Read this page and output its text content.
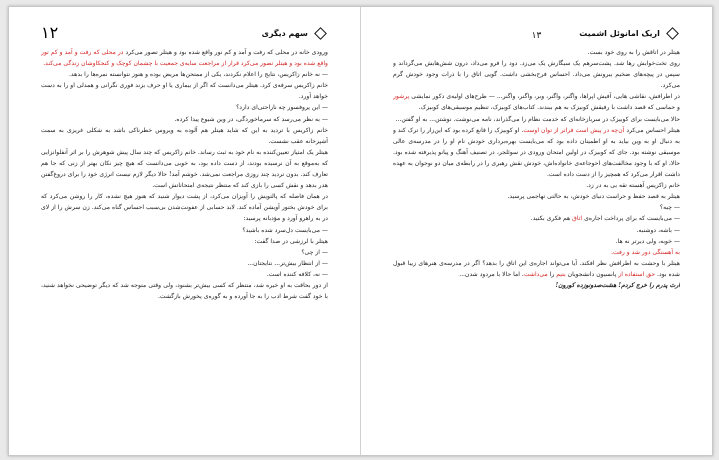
۱۲	سهم دیگری

ورودی خانه در محلی که رفت و آمد و کم نور واقع شده بود و هیتلر تصور می‌کرد در محلی که رفت و آمد و کم نور واقع شده بود و هیتلر تصور می‌کرد قرار از مراجعت سایه‌ی جمعیت با چشمان کوچک و کنجکاوشان زندگی می‌کند.

— نه خانم زاکریس، نتایج را اعلام نکردند، یکی از ممتحن‌ها مریض بوده و هنوز نتوانسته نمره‌ها را بدهد.

خانم زاکریس سرفه‌ی کرد. هیتلر می‌دانست که اگر از بیماری یا او حرف بزند فوری نگرانی و همدلی او را به دست خواهد آورد.

— این پروفسور چه ناراحتی‌ای دارد؟

— به نظر می‌رسد که سرماخوردگی، در وین شیوع پیدا کرده.

خانم زاکریس با تردید به این که شاید هیتلر هم آلوده به ویروس خطرناکی باشد به شکلی غریزی به سمت آشپزخانه عقب نشست.

هیتلر یک امتیاز تعیین‌کننده به نام خود به ثبت رساند. خانم زاکریس که چند سال پیش شوهرش را بر اثر آنفلوانزایی که به‌موقع به آن نرسیده بودند، از دست داده بود، به خوبی می‌دانست که هیچ چیز نکان بهتر از زنی که جا هم تعارف کند. بدون تردید چند روزی مراجعت نمی‌شد. خوشم آمد! حالا دیگر لازم نیست انرژی خود را برای دروغ‌گفتن هدر بدهد و نقش کسی را بازی کند که منتظر نتیجه‌ی امتحاناتش است.

در همان فاصله که پالتویش را آویزان می‌کرد، از پشت دیوار شنید که هنوز هیچ نشده، کار را روشن می‌کرد که برای خودش بختور آویشن آماده کند. لابد حسابی از عفونت‌شدن بی‌سبب احساس گناه می‌کند. زن سرش را از لای در به راهرو آورد و مؤدبانه پرسید:

— می‌بایست دل‌سرد شده باشید؟

هیتلر با لرزشی در صدا گفت:

— از چی؟

— از انتظار بیش‌تر... نتایجتان...

— نه، کلافه کننده است.

از دور بحاقت به او خیره شد، منتظر که کسی بیش‌تر بشنود، ولی وقتی متوجه شد که دیگر توضیحی نخواهد شنید، با خود گفت شرط ادب را به جا آورده و به گوره‌ی پخورش بازگشت.

اریک امانوئل اشمیت
۱۳

هیتلر در اتاقش را به روی خود بست.

روی تخت‌خوابش رها شد. پشت‌سرهم یک سیگارش یک می‌زد. دود را فرو می‌داد، درون شش‌هایش می‌گرداند و سپس در پیچه‌های ضخیم بیرونش می‌داد. احساس فرح‌بخشی داشت. گویی اتاق را با ذرات وجود خودش گرم می‌کرد.

در اطرافش، نقاشی‌ هایی، آفیش اپراها، واگنر، واگنر، وبر، واگنر، واگنر... — طرح‌های اولیه‌ی دکور نمایشی پرشور و حماسی که قصد داشت با رفیقش کوبیزک به هم ببندند. کتاب‌های کوبیزک، تنظیم موسیقی‌های کوبیزک.

حالا می‌بایست برای کوبیزک در سربازخانه‌ای که خدمت نظام را می‌گذراند، نامه می‌نوشت. نوشتن... به او گفتن...

هیتلر احساس می‌کرد آن‌چه در پیش است فراتر از توان اوست. او کوبیزک را قانع کرده بود که این‌زار را ترک کند و به دنبال او به وین بیاید به او اطمینان داده بود که می‌بایست بهره‌برداری خودش نام او را در مدرسه‌ی عالی موسیقی نوشته بود. جای که کوبیزک در اولین امتحان ورودی در سوئلجر، در تصنیف آهنگ و پیانو پذیرفته شده بود. حالا، او که با وجود مخالفت‌های ‌‌احوجاعه‌ی خانواده‌اش، خودش نقش رهبری را در رابطه‌ی میان دو نوجوان به عهده داشت اقرار می‌کرد که همچیز را از دست داده است.

خانم زاکریس آهسته تقه یی به در زد.

هیتلر به قصد حفظ و حراست دنیای خودش، به حالتی تهاجمی پرسید.

— چیه؟

— می‌بایست که برای پرداخت اجاره‌ی اتاق هم فکری بکنید.

— باشه، دوشنبه.

— خوبه، ولی دیرتر نه ها.

به آهستگی دور شد و رفت.

هیتلر با وحشت به اطرافش نظر افکند. آیا می‌تواند اجاره‌ی این اتاق را بدهد؟ اگر در مدرسه‌ی هنرهای زیبا قبول شده بود. حق استفاده از پانسیون دانشجویان یتیم را می‌داشت. اما حالا با مردود شدن...

ارث پدرم را خرج کردم! هشت‌صد‌و‌نوزده کورون!
